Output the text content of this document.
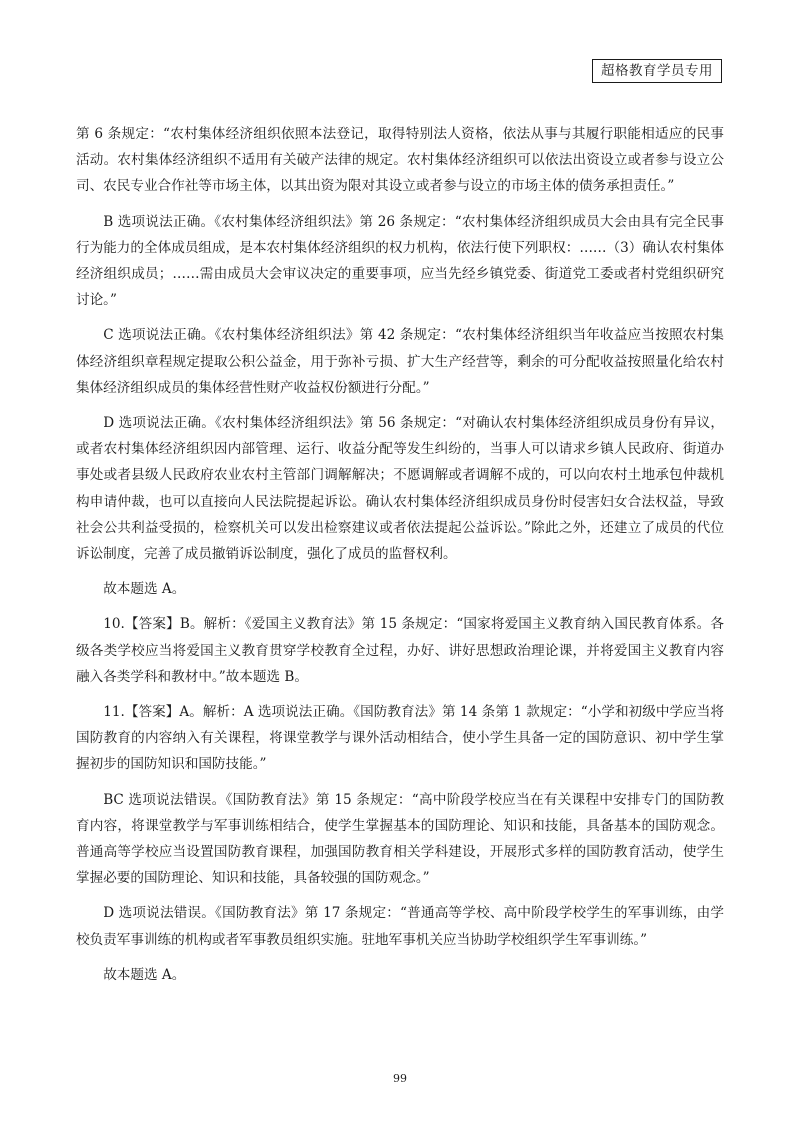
超格教育学员专用

第 6 条规定：“农村集体经济组织依照本法登记，取得特别法人资格，依法从事与其履行职能相适应的民事活动。农村集体经济组织不适用有关破产法律的规定。农村集体经济组织可以依法出资设立或者参与设立公司、农民专业合作社等市场主体，以其出资为限对其设立或者参与设立的市场主体的债务承担责任。”

B 选项说法正确。《农村集体经济组织法》第 26 条规定：“农村集体经济组织成员大会由具有完全民事行为能力的全体成员组成，是本农村集体经济组织的权力机构，依法行使下列职权：……（3）确认农村集体经济组织成员；……需由成员大会审议决定的重要事项，应当先经乡镇党委、街道党工委或者村党组织研究讨论。”

C 选项说法正确。《农村集体经济组织法》第 42 条规定：“农村集体经济组织当年收益应当按照农村集体经济组织章程规定提取公积公益金，用于弥补亏损、扩大生产经营等，剩余的可分配收益按照量化给农村集体经济组织成员的集体经营性财产收益权份额进行分配。”

D 选项说法正确。《农村集体经济组织法》第 56 条规定：“对确认农村集体经济组织成员身份有异议，或者农村集体经济组织因内部管理、运行、收益分配等发生纠纷的，当事人可以请求乡镇人民政府、街道办事处或者县级人民政府农业农村主管部门调解解决；不愿调解或者调解不成的，可以向农村土地承包仲裁机构申请仲裁，也可以直接向人民法院提起诉讼。确认农村集体经济组织成员身份时侵害妇女合法权益，导致社会公共利益受损的，检察机关可以发出检察建议或者依法提起公益诉讼。”除此之外，还建立了成员的代位诉讼制度，完善了成员撤销诉讼制度，强化了成员的监督权利。

故本题选 A。

10.【答案】B。解析：《爱国主义教育法》第 15 条规定：“国家将爱国主义教育纳入国民教育体系。各级各类学校应当将爱国主义教育贯穿学校教育全过程，办好、讲好思想政治理论课，并将爱国主义教育内容融入各类学科和教材中。”故本题选 B。

11.【答案】A。解析：A 选项说法正确。《国防教育法》第 14 条第 1 款规定：“小学和初级中学应当将国防教育的内容纳入有关课程，将课堂教学与课外活动相结合，使小学生具备一定的国防意识、初中学生掌握初步的国防知识和国防技能。”

BC 选项说法错误。《国防教育法》第 15 条规定：“高中阶段学校应当在有关课程中安排专门的国防教育内容，将课堂教学与军事训练相结合，使学生掌握基本的国防理论、知识和技能，具备基本的国防观念。普通高等学校应当设置国防教育课程，加强国防教育相关学科建设，开展形式多样的国防教育活动，使学生掌握必要的国防理论、知识和技能，具备较强的国防观念。”

D 选项说法错误。《国防教育法》第 17 条规定：“普通高等学校、高中阶段学校学生的军事训练，由学校负责军事训练的机构或者军事教员组织实施。驻地军事机关应当协助学校组织学生军事训练。”

故本题选 A。

99
